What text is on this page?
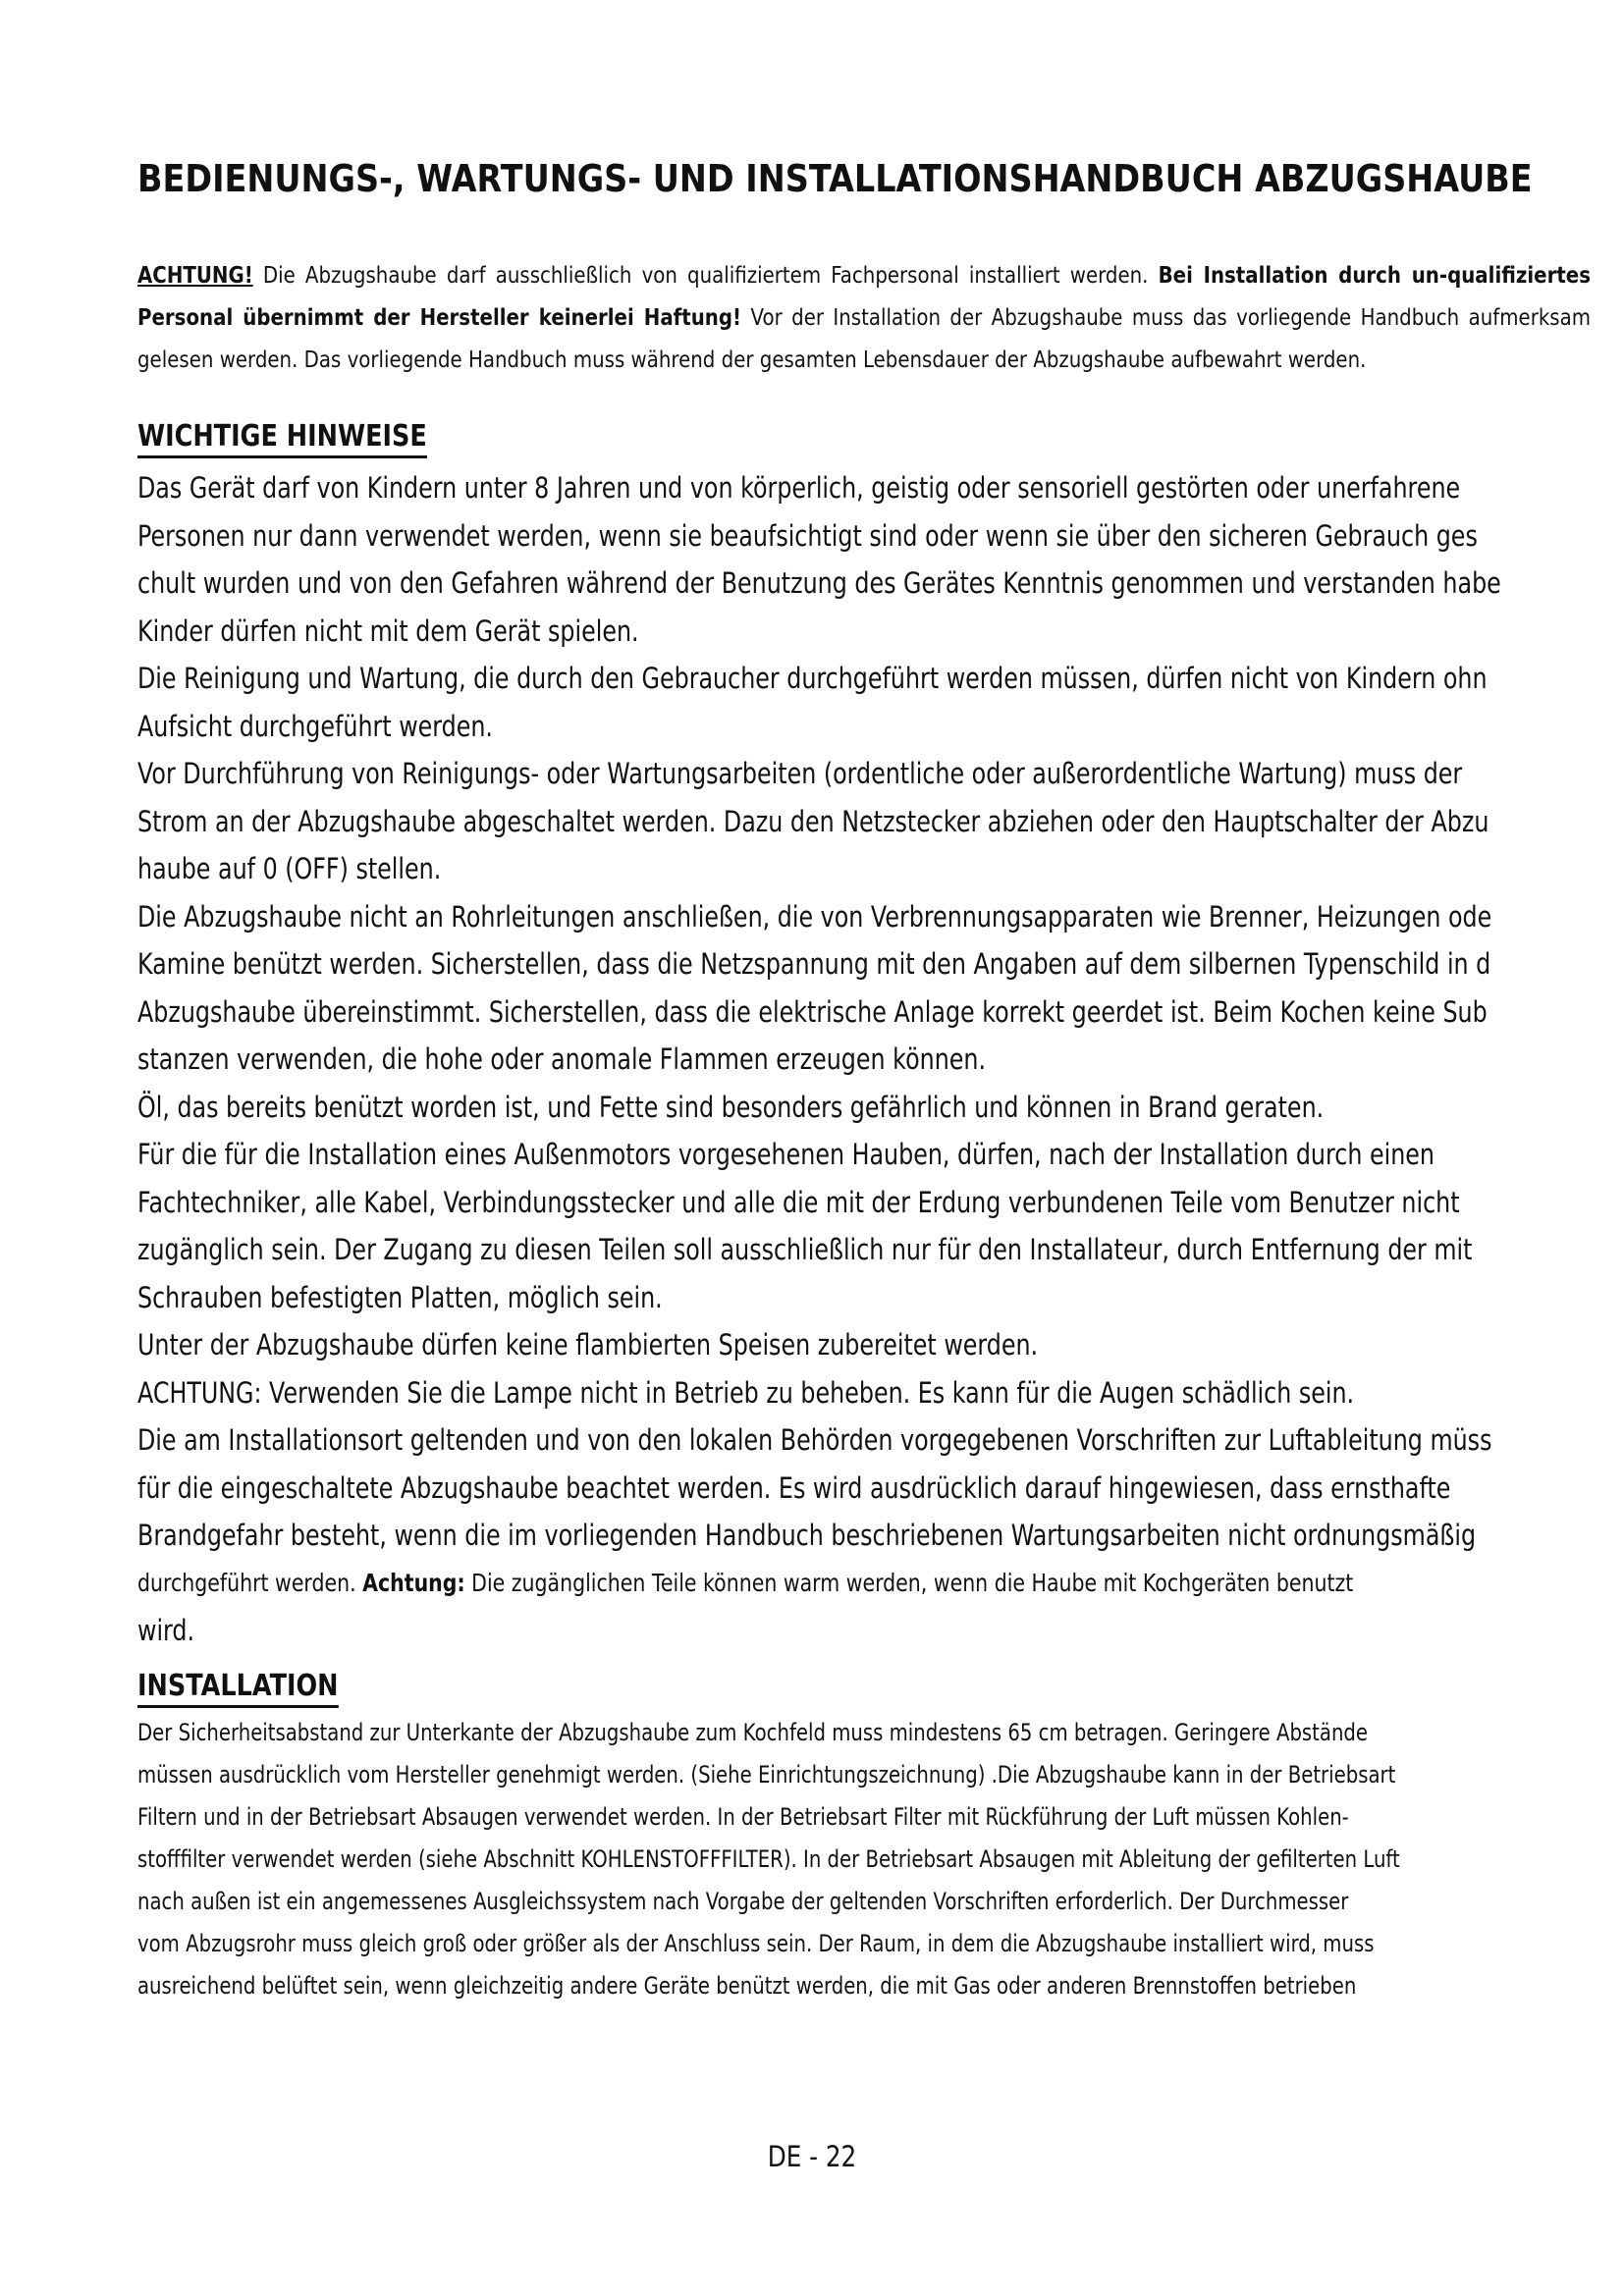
BEDIENUNGS-, WARTUNGS- UND INSTALLATIONSHANDBUCH ABZUGSHAUBE

ACHTUNG! Die Abzugshaube darf ausschließlich von qualifiziertem Fachpersonal installiert werden. Bei Installation durch un-qualifiziertes Personal übernimmt der Hersteller keinerlei Haftung! Vor der Installation der Abzugshaube muss das vorliegende Handbuch aufmerksam gelesen werden. Das vorliegende Handbuch muss während der gesamten Lebensdauer der Abzugshaube aufbewahrt werden.

WICHTIGE HINWEISE
Das Gerät darf von Kindern unter 8 Jahren und von körperlich, geistig oder sensoriell gestörten oder unerfahrene
Personen nur dann verwendet werden, wenn sie beaufsichtigt sind oder wenn sie über den sicheren Gebrauch ges
chult wurden und von den Gefahren während der Benutzung des Gerätes Kenntnis genommen und verstanden habe
Kinder dürfen nicht mit dem Gerät spielen.
Die Reinigung und Wartung, die durch den Gebraucher durchgeführt werden müssen, dürfen nicht von Kindern ohn
Aufsicht durchgeführt werden.
Vor Durchführung von Reinigungs- oder Wartungsarbeiten (ordentliche oder außerordentliche Wartung) muss der
Strom an der Abzugshaube abgeschaltet werden. Dazu den Netzstecker abziehen oder den Hauptschalter der Abzu
haube auf 0 (OFF) stellen.
Die Abzugshaube nicht an Rohrleitungen anschließen, die von Verbrennungsapparaten wie Brenner, Heizungen ode
Kamine benützt werden. Sicherstellen, dass die Netzspannung mit den Angaben auf dem silbernen Typenschild in d
Abzugshaube übereinstimmt. Sicherstellen, dass die elektrische Anlage korrekt geerdet ist. Beim Kochen keine Sub
stanzen verwenden, die hohe oder anomale Flammen erzeugen können.
Öl, das bereits benützt worden ist, und Fette sind besonders gefährlich und können in Brand geraten.
Für die für die Installation eines Außenmotors vorgesehenen Hauben, dürfen, nach der Installation durch einen
Fachtechniker, alle Kabel, Verbindungsstecker und alle die mit der Erdung verbundenen Teile vom Benutzer nicht
zugänglich sein. Der Zugang zu diesen Teilen soll ausschließlich nur für den Installateur, durch Entfernung der mit
Schrauben befestigten Platten, möglich sein.
Unter der Abzugshaube dürfen keine flambierten Speisen zubereitet werden.
ACHTUNG: Verwenden Sie die Lampe nicht in Betrieb zu beheben. Es kann für die Augen schädlich sein.
Die am Installationsort geltenden und von den lokalen Behörden vorgegebenen Vorschriften zur Luftableitung müss
für die eingeschaltete Abzugshaube beachtet werden. Es wird ausdrücklich darauf hingewiesen, dass ernsthafte
Brandgefahr besteht, wenn die im vorliegenden Handbuch beschriebenen Wartungsarbeiten nicht ordnungsmäßig
durchgeführt werden. Achtung: Die zugänglichen Teile können warm werden, wenn die Haube mit Kochgeräten benutzt
wird.
INSTALLATION
Der Sicherheitsabstand zur Unterkante der Abzugshaube zum Kochfeld muss mindestens 65 cm betragen. Geringere Abstände
müssen ausdrücklich vom Hersteller genehmigt werden. (Siehe Einrichtungszeichnung) .Die Abzugshaube kann in der Betriebsart
Filtern und in der Betriebsart Absaugen verwendet werden. In der Betriebsart Filter mit Rückführung der Luft müssen Kohlen-
stofffilter verwendet werden (siehe Abschnitt KOHLENSTOFFFILTER). In der Betriebsart Absaugen mit Ableitung der gefilterten Luft
nach außen ist ein angemessenes Ausgleichssystem nach Vorgabe der geltenden Vorschriften erforderlich. Der Durchmesser
vom Abzugsrohr muss gleich groß oder größer als der Anschluss sein. Der Raum, in dem die Abzugshaube installiert wird, muss
ausreichend belüftet sein, wenn gleichzeitig andere Geräte benützt werden, die mit Gas oder anderen Brennstoffen betrieben
DE - 22
